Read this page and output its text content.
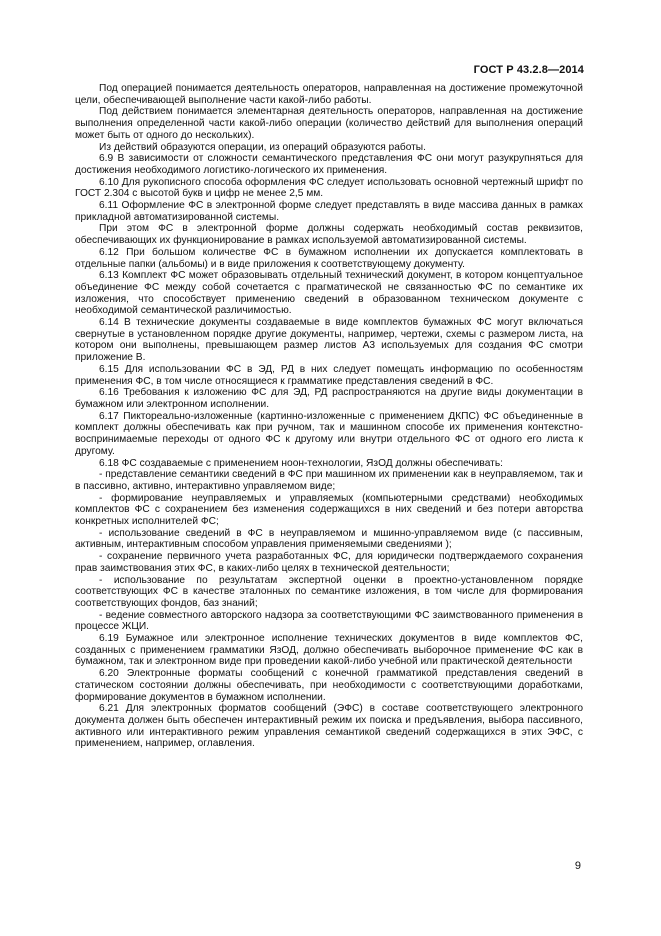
ГОСТ Р 43.2.8—2014

Под операцией понимается деятельность операторов, направленная на достижение промежуточной цели, обеспечивающей выполнение части какой-либо работы.

Под действием понимается элементарная деятельность операторов, направленная на достижение выполнения определенной части какой-либо операции (количество действий для выполнения операций может быть от одного до нескольких).

Из действий образуются операции, из операций образуются работы.

6.9 В зависимости от сложности семантического представления ФС они могут разукрупняться для достижения необходимого логистико-логического их применения.

6.10 Для рукописного способа оформления ФС следует использовать основной чертежный шрифт по ГОСТ 2.304 с высотой букв и цифр не менее 2,5 мм.

6.11 Оформление ФС в электронной форме следует представлять в виде массива данных в рамках прикладной автоматизированной системы.

При этом ФС в электронной форме должны содержать необходимый состав реквизитов, обеспечивающих их функционирование в рамках используемой автоматизированной системы.

6.12 При большом количестве ФС в бумажном исполнении их допускается комплектовать в отдельные папки (альбомы) и в виде приложения к соответствующему документу.

6.13 Комплект ФС может образовывать отдельный технический документ, в котором концептуальное объединение ФС между собой сочетается с прагматической не связанностью ФС по семантике их изложения, что способствует применению сведений в образованном техническом документе с необходимой семантической различимостью.

6.14 В технические документы создаваемые в виде комплектов бумажных ФС могут включаться свернутые в установленном порядке другие документы, например, чертежи, схемы с размером листа, на котором они выполнены, превышающем размер листов А3 используемых для создания ФС смотри приложение В.

6.15 Для использовании ФС в ЭД, РД в них следует помещать информацию по особенностям применения ФС, в том числе относящиеся к грамматике представления сведений в ФС.

6.16 Требования к изложению ФС для ЭД, РД распространяются на другие виды документации в бумажном или электронном исполнении.

6.17 Пиктореально-изложенные (картинно-изложенные с применением ДКПС) ФС объединенные в комплект должны обеспечивать как при ручном, так и машинном способе их применения контекстно-воспринимаемые переходы от одного ФС к другому или внутри отдельного ФС от одного его листа к другому.

6.18 ФС создаваемые с применением ноон-технологии, ЯзОД должны обеспечивать:

- представление семантики сведений в ФС при машинном их применении как в неуправляемом, так и в пассивно, активно, интерактивно управляемом виде;

- формирование неуправляемых и управляемых (компьютерными средствами) необходимых комплектов ФС с сохранением без изменения содержащихся в них сведений и без потери авторства конкретных исполнителей ФС;

- использование сведений в ФС в неуправляемом и мшинно-управляемом виде (с пассивным, активным, интерактивным способом управления применяемыми сведениями );

- сохранение первичного учета разработанных ФС, для юридически подтверждаемого сохранения прав заимствования этих ФС, в каких-либо целях в технической деятельности;

- использование по результатам экспертной оценки в проектно-установленном порядке соответствующих ФС в качестве эталонных по семантике изложения, в том числе для формирования соответствующих фондов, баз знаний;

- ведение совместного авторского надзора за соответствующими ФС заимствованного применения в процессе ЖЦИ.

6.19 Бумажное или электронное исполнение технических документов в виде комплектов ФС, созданных с применением грамматики ЯзОД, должно обеспечивать выборочное применение ФС как в бумажном, так и электронном виде при проведении какой-либо учебной или практической деятельности

6.20 Электронные форматы сообщений с конечной грамматикой представления сведений в статическом состоянии должны обеспечивать, при необходимости с соответствующими доработками, формирование документов в бумажном исполнении.

6.21 Для электронных форматов сообщений (ЭФС) в составе соответствующего электронного документа должен быть обеспечен интерактивный режим их поиска и предъявления, выбора пассивного, активного или интерактивного режим управления семантикой сведений содержащихся в этих ЭФС, с применением, например, оглавления.

9
